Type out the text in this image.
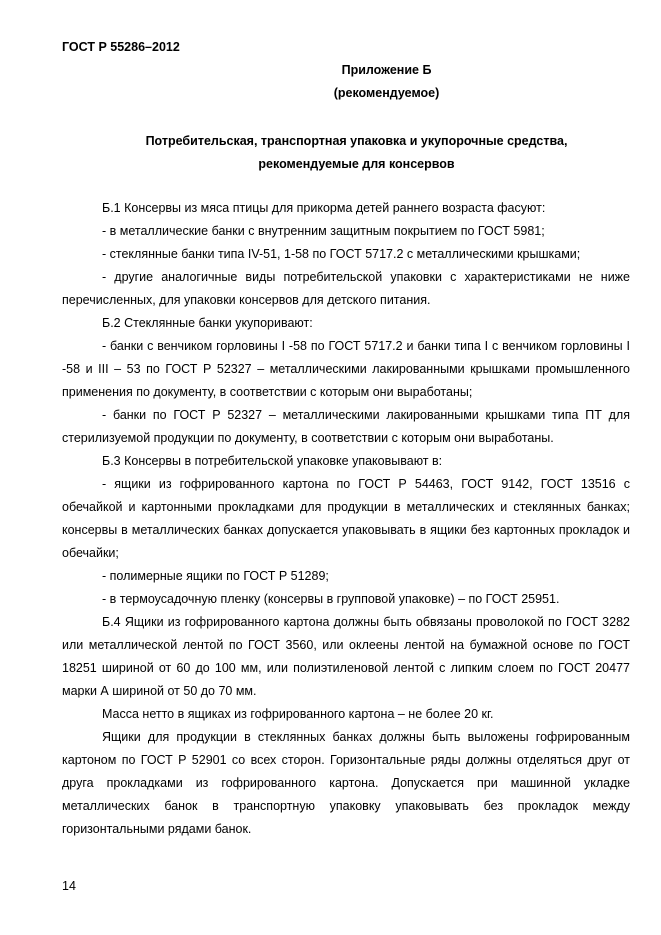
ГОСТ Р 55286–2012
Приложение Б
(рекомендуемое)
Потребительская, транспортная упаковка и укупорочные средства,
рекомендуемые для консервов

Б.1 Консервы из мяса птицы для прикорма детей раннего возраста фасуют:

- в металлические банки с внутренним защитным покрытием по ГОСТ 5981;

- стеклянные банки типа IV-51, 1-58 по ГОСТ 5717.2 с металлическими крышками;

- другие аналогичные виды потребительской упаковки с характеристиками не ниже перечисленных, для упаковки консервов для детского питания.

Б.2 Стеклянные банки укупоривают:

- банки с венчиком горловины I -58 по ГОСТ 5717.2 и банки типа I с венчиком горловины I -58 и III – 53 по ГОСТ Р 52327 – металлическими лакированными крышками промышленного применения по документу, в соответствии с которым они выработаны;

- банки по ГОСТ Р 52327 – металлическими лакированными крышками типа ПТ для стерилизуемой продукции по документу, в соответствии с которым они выработаны.

Б.3 Консервы в потребительской упаковке упаковывают в:

- ящики из гофрированного картона по ГОСТ Р 54463, ГОСТ 9142, ГОСТ 13516 с обечайкой и картонными прокладками для продукции в металлических и стеклянных банках; консервы в металлических банках допускается упаковывать в ящики без картонных прокладок и обечайки;

- полимерные ящики по ГОСТ Р 51289;

- в термоусадочную пленку (консервы в групповой упаковке) – по ГОСТ 25951.

Б.4 Ящики из гофрированного картона должны быть обвязаны проволокой по ГОСТ 3282 или металлической лентой по ГОСТ 3560, или оклеены лентой на бумажной основе по ГОСТ 18251 шириной от 60 до 100 мм, или полиэтиленовой лентой с липким слоем по ГОСТ 20477 марки А шириной от 50 до 70 мм.

Масса нетто в ящиках из гофрированного картона – не более 20 кг.

Ящики для продукции в стеклянных банках должны быть выложены гофрированным картоном по ГОСТ Р 52901 со всех сторон. Горизонтальные ряды должны отделяться друг от друга прокладками из гофрированного картона. Допускается при машинной укладке металлических банок в транспортную упаковку упаковывать без прокладок между горизонтальными рядами банок.

14
